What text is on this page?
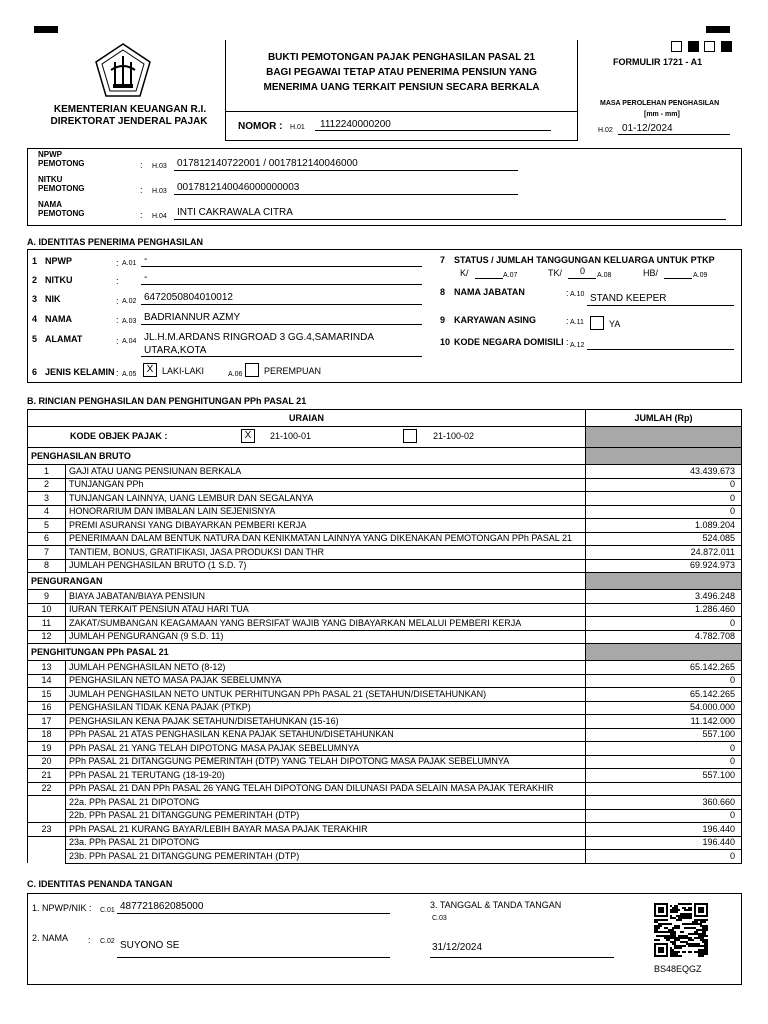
KEMENTERIAN KEUANGAN R.I.
DIREKTORAT JENDERAL PAJAK
BUKTI PEMOTONGAN PAJAK PENGHASILAN PASAL 21
BAGI PEGAWAI TETAP ATAU PENERIMA PENSIUN YANG
MENERIMA UANG TERKAIT PENSIUN SECARA BERKALA
NOMOR : H.01 1112240000200
FORMULIR 1721 - A1
MASA PEROLEHAN PENGHASILAN
[mm - mm]
H.02 01-12/2024
NPWP
PEMOTONG	: H.03 017812140722001 / 0017812140046000
NITKU
PEMOTONG	: H.03 0017812140046000000003
NAMA
PEMOTONG	: H.04 INTI CAKRAWALA CITRA
A. IDENTITAS PENERIMA PENGHASILAN
1 NPWP	: A.01 -
2 NITKU	:	-
3 NIK	: A.02 6472050804010012
4 NAMA	: A.03 BADRIANNUR AZMY
5 ALAMAT	: A.04 JL.H.M.ARDANS RINGROAD 3 GG.4,SAMARINDA
UTARA,KOTA
6 JENIS KELAMIN : A.05	X LAKI-LAKI	A.06 PEREMPUAN
7 STATUS / JUMLAH TANGGUNGAN KELUARGA UNTUK PTKP
K/	A.07	TK/ 0 A.08	HB/	A.09
8 NAMA JABATAN	: A.10 STAND KEEPER
9 KARYAWAN ASING	: A.11	YA
10 KODE NEGARA DOMISILI : A.12
B. RINCIAN PENGHASILAN DAN PENGHITUNGAN PPh PASAL 21
URAIAN		JUMLAH (Rp)

KODE OBJEK PAJAK : X 21-100-01 21-100-02		

PENGHASILAN BRUTO		
1	GAJI ATAU UANG PENSIUNAN BERKALA	43.439.673
2	TUNJANGAN PPh	0
3	TUNJANGAN LAINNYA, UANG LEMBUR DAN SEGALANYA	0
4	HONORARIUM DAN IMBALAN LAIN SEJENISNYA	0
5	PREMI ASURANSI YANG DIBAYARKAN PEMBERI KERJA	1.089.204
6	PENERIMAAN DALAM BENTUK NATURA DAN KENIKMATAN LAINNYA YANG DIKENAKAN PEMOTONGAN PPh PASAL 21	524.085
7	TANTIEM, BONUS, GRATIFIKASI, JASA PRODUKSI DAN THR	24.872.011
8	JUMLAH PENGHASILAN BRUTO (1 S.D. 7)	69.924.973
PENGURANGAN		
9	BIAYA JABATAN/BIAYA PENSIUN	3.496.248
10	IURAN TERKAIT PENSIUN ATAU HARI TUA	1.286.460
11	ZAKAT/SUMBANGAN KEAGAMAAN YANG BERSIFAT WAJIB YANG DIBAYARKAN MELALUI PEMBERI KERJA	0
12	JUMLAH PENGURANGAN (9 S.D. 11)	4.782.708
PENGHITUNGAN PPh PASAL 21		
13	JUMLAH PENGHASILAN NETO (8-12)	65.142.265
14	PENGHASILAN NETO MASA PAJAK SEBELUMNYA	0
15	JUMLAH PENGHASILAN NETO UNTUK PERHITUNGAN PPh PASAL 21 (SETAHUN/DISETAHUNKAN)	65.142.265
16	PENGHASILAN TIDAK KENA PAJAK (PTKP)	54.000.000
17	PENGHASILAN KENA PAJAK SETAHUN/DISETAHUNKAN (15-16)	11.142.000
18	PPh PASAL 21 ATAS PENGHASILAN KENA PAJAK SETAHUN/DISETAHUNKAN	557.100
19	PPh PASAL 21 YANG TELAH DIPOTONG MASA PAJAK SEBELUMNYA	0
20	PPh PASAL 21 DITANGGUNG PEMERINTAH (DTP) YANG TELAH DIPOTONG MASA PAJAK SEBELUMNYA	0
21	PPh PASAL 21 TERUTANG (18-19-20)	557.100
22	PPh PASAL 21 DAN PPh PASAL 26 YANG TELAH DIPOTONG DAN DILUNASI PADA SELAIN MASA PAJAK TERAKHIR	
	22a. PPh PASAL 21 DIPOTONG	360.660
	22b. PPh PASAL 21 DITANGGUNG PEMERINTAH (DTP)	0
23	PPh PASAL 21 KURANG BAYAR/LEBIH BAYAR MASA PAJAK TERAKHIR	196.440
	23a. PPh PASAL 21 DIPOTONG	196.440
	23b. PPh PASAL 21 DITANGGUNG PEMERINTAH (DTP)	0
C. IDENTITAS PENANDA TANGAN
1. NPWP/NIK : C.01 487721862085000
2. NAMA : C.02 SUYONO SE
3. TANGGAL & TANDA TANGAN
C.03
31/12/2024
BS48EQGZ
